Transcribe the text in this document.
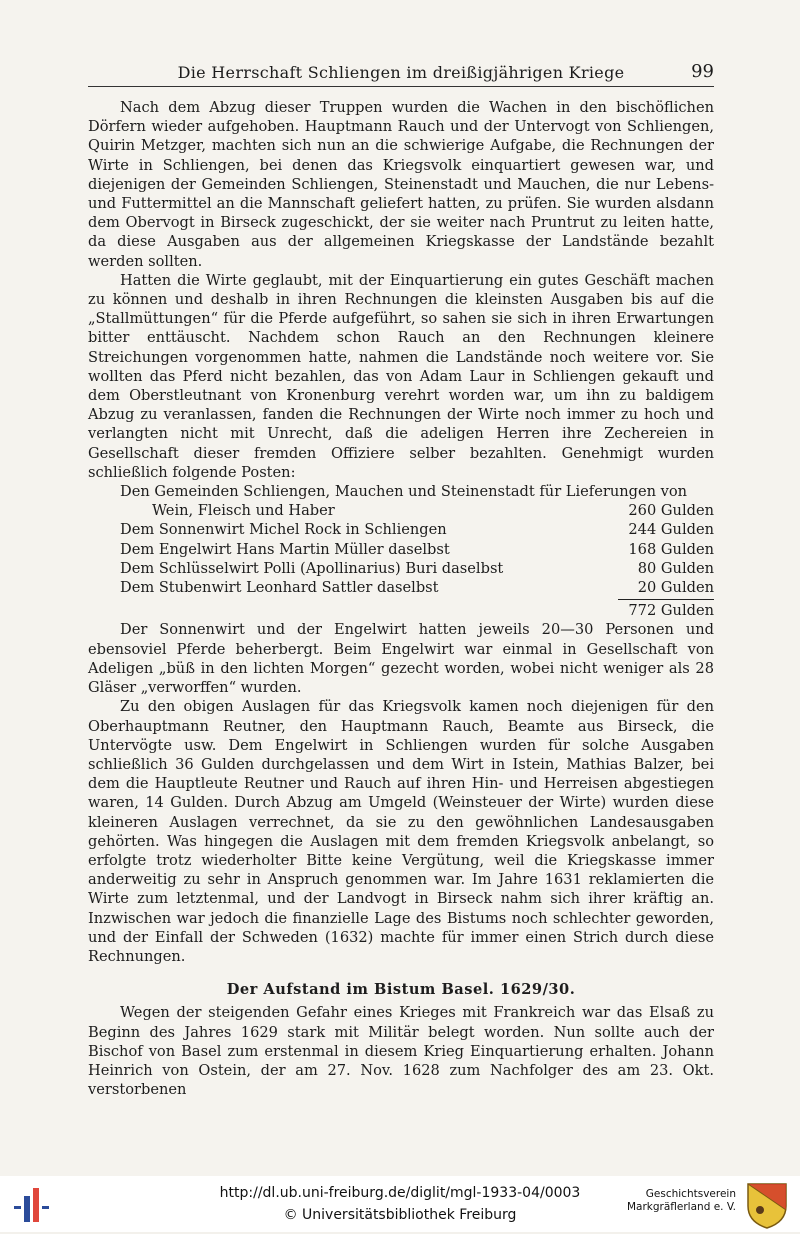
Die Herrschaft Schliengen im dreißigjährigen Kriege	99

Nach dem Abzug dieser Truppen wurden die Wachen in den bischöflichen Dörfern wieder aufgehoben. Hauptmann Rauch und der Untervogt von Schliengen, Quirin Metzger, machten sich nun an die schwierige Aufgabe, die Rechnungen der Wirte in Schliengen, bei denen das Kriegsvolk einquartiert gewesen war, und diejenigen der Gemeinden Schliengen, Steinenstadt und Mauchen, die nur Lebens- und Futtermittel an die Mannschaft geliefert hatten, zu prüfen. Sie wurden alsdann dem Obervogt in Birseck zugeschickt, der sie weiter nach Pruntrut zu leiten hatte, da diese Ausgaben aus der allgemeinen Kriegskasse der Landstände bezahlt werden sollten.

Hatten die Wirte geglaubt, mit der Einquartierung ein gutes Geschäft machen zu können und deshalb in ihren Rechnungen die kleinsten Ausgaben bis auf die „Stallmüttungen“ für die Pferde aufgeführt, so sahen sie sich in ihren Erwartungen bitter enttäuscht. Nachdem schon Rauch an den Rechnungen kleinere Streichungen vorgenommen hatte, nahmen die Landstände noch weitere vor. Sie wollten das Pferd nicht bezahlen, das von Adam Laur in Schliengen gekauft und dem Oberstleutnant von Kronenburg verehrt worden war, um ihn zu baldigem Abzug zu veranlassen, fanden die Rechnungen der Wirte noch immer zu hoch und verlangten nicht mit Unrecht, daß die adeligen Herren ihre Zechereien in Gesellschaft dieser fremden Offiziere selber bezahlten. Genehmigt wurden schließlich folgende Posten:

Den Gemeinden Schliengen, Mauchen und Steinenstadt für Lieferungen von
Wein, Fleisch und Haber	260 Gulden
Dem Sonnenwirt Michel Rock in Schliengen	244 Gulden
Dem Engelwirt Hans Martin Müller daselbst	168 Gulden
Dem Schlüsselwirt Polli (Apollinarius) Buri daselbst	80 Gulden
Dem Stubenwirt Leonhard Sattler daselbst	20 Gulden
772 Gulden

Der Sonnenwirt und der Engelwirt hatten jeweils 20—30 Personen und ebensoviel Pferde beherbergt. Beim Engelwirt war einmal in Gesellschaft von Adeligen „büß in den lichten Morgen“ gezecht worden, wobei nicht weniger als 28 Gläser „verworffen“ wurden.

Zu den obigen Auslagen für das Kriegsvolk kamen noch diejenigen für den Oberhauptmann Reutner, den Hauptmann Rauch, Beamte aus Birseck, die Untervögte usw. Dem Engelwirt in Schliengen wurden für solche Ausgaben schließlich 36 Gulden durchgelassen und dem Wirt in Istein, Mathias Balzer, bei dem die Hauptleute Reutner und Rauch auf ihren Hin- und Herreisen abgestiegen waren, 14 Gulden. Durch Abzug am Umgeld (Weinsteuer der Wirte) wurden diese kleineren Auslagen verrechnet, da sie zu den gewöhnlichen Landesausgaben gehörten. Was hingegen die Auslagen mit dem fremden Kriegsvolk anbelangt, so erfolgte trotz wiederholter Bitte keine Vergütung, weil die Kriegskasse immer anderweitig zu sehr in Anspruch genommen war. Im Jahre 1631 reklamierten die Wirte zum letztenmal, und der Landvogt in Birseck nahm sich ihrer kräftig an. Inzwischen war jedoch die finanzielle Lage des Bistums noch schlechter geworden, und der Einfall der Schweden (1632) machte für immer einen Strich durch diese Rechnungen.

Der Aufstand im Bistum Basel. 1629/30.

Wegen der steigenden Gefahr eines Krieges mit Frankreich war das Elsaß zu Beginn des Jahres 1629 stark mit Militär belegt worden. Nun sollte auch der Bischof von Basel zum erstenmal in diesem Krieg Einquartierung erhalten. Johann Heinrich von Ostein, der am 27. Nov. 1628 zum Nachfolger des am 23. Okt. verstorbenen

http://dl.ub.uni-freiburg.de/diglit/mgl-1933-04/0003
© Universitätsbibliothek Freiburg
Geschichtsverein
Markgräflerland e. V.
